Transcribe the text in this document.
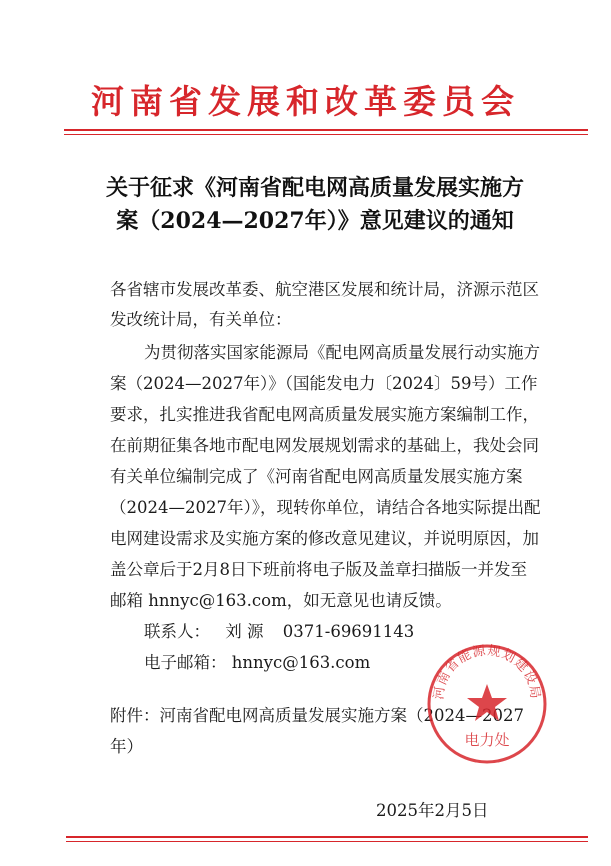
河南省发展和改革委员会
关于征求《河南省配电网高质量发展实施方
案（2024—2027年）》意见建议的通知
各省辖市发展改革委、航空港区发展和统计局，济源示范区
发改统计局，有关单位：
为贯彻落实国家能源局《配电网高质量发展行动实施方
案（2024—2027年）》（国能发电力〔2024〕59号）工作
要求，扎实推进我省配电网高质量发展实施方案编制工作，
在前期征集各地市配电网发展规划需求的基础上，我处会同
有关单位编制完成了《河南省配电网高质量发展实施方案
（2024—2027年）》，现转你单位，请结合各地实际提出配
电网建设需求及实施方案的修改意见建议，并说明原因，加
盖公章后于2月8日下班前将电子版及盖章扫描版一并发至
邮箱 hnnyc@163.com，如无意见也请反馈。
联系人： 刘 源 0371-69691143
电子邮箱： hnnyc@163.com
附件：河南省配电网高质量发展实施方案（2024—2027
年）
2025年2月5日
河南省能源规划建设局
电力处
